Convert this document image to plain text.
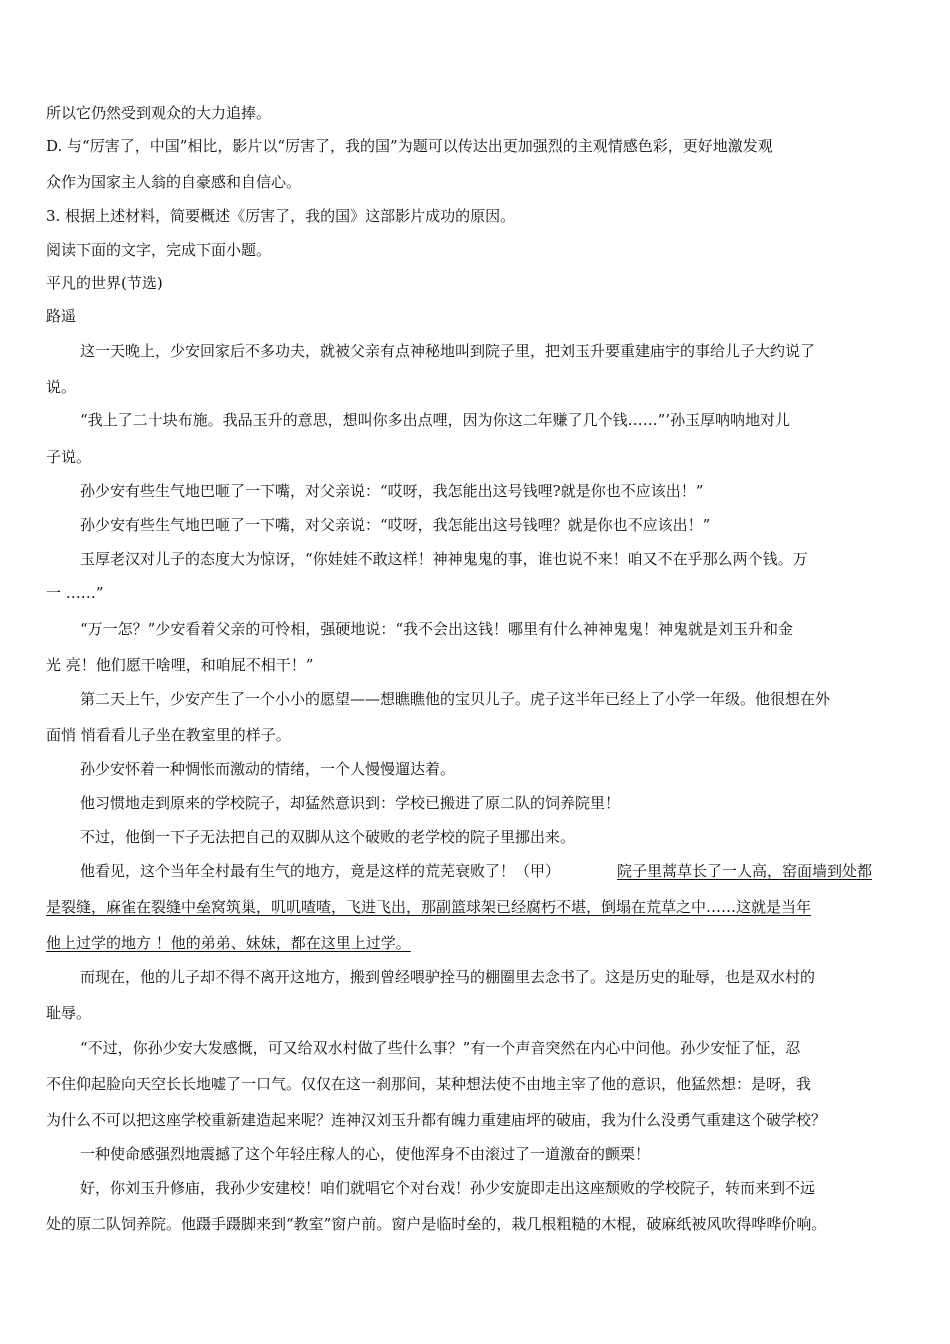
所以它仍然受到观众的大力追捧。
D. 与“厉害了，中国”相比，影片以“厉害了，我的国”为题可以传达出更加强烈的主观情感色彩，更好地激发观
众作为国家主人翁的自豪感和自信心。
3. 根据上述材料，简要概述《厉害了，我的国》这部影片成功的原因。
阅读下面的文字，完成下面小题。
平凡的世界(节选)
路遥
这一天晚上，少安回家后不多功夫，就被父亲有点神秘地叫到院子里，把刘玉升要重建庙宇的事给儿子大约说了
说。
“我上了二十块布施。我品玉升的意思，想叫你多出点哩，因为你这二年赚了几个钱……”’孙玉厚呐呐地对儿
子说。
孙少安有些生气地巴咂了一下嘴，对父亲说：“哎呀，我怎能出这号钱哩?就是你也不应该出！”
孙少安有些生气地巴咂了一下嘴，对父亲说：“哎呀，我怎能出这号钱哩？就是你也不应该出！”
玉厚老汉对儿子的态度大为惊讶，“你娃娃不敢这样！神神鬼鬼的事，谁也说不来！咱又不在乎那么两个钱。万
一 ……”
“万一怎？”少安看着父亲的可怜相，强硬地说：“我不会出这钱！哪里有什么神神鬼鬼！神鬼就是刘玉升和金
光 亮！他们愿干啥哩，和咱屁不相干！”
第二天上午，少安产生了一个小小的愿望——想瞧瞧他的宝贝儿子。虎子这半年已经上了小学一年级。他很想在外
面悄 悄看看儿子坐在教室里的样子。
孙少安怀着一种惆怅而激动的情绪，一个人慢慢遛达着。
他习惯地走到原来的学校院子，却猛然意识到：学校已搬进了原二队的饲养院里！
不过，他倒一下子无法把自己的双脚从这个破败的老学校的院子里挪出来。
他看见，这个当年全村最有生气的地方，竟是这样的荒芜衰败了！（甲）	院子里蒿草长了一人高，窑面墙到处都
是裂缝，麻雀在裂缝中垒窝筑巢，叽叽喳喳，飞进飞出，那副篮球架已经腐朽不堪，倒塌在荒草之中……这就是当年
他上过学的地方 ！他的弟弟、妹妹，都在这里上过学。
而现在，他的儿子却不得不离开这地方，搬到曾经喂驴拴马的棚圈里去念书了。这是历史的耻辱，也是双水村的
耻辱。
“不过，你孙少安大发感慨，可又给双水村做了些什么事？”有一个声音突然在内心中问他。孙少安怔了怔，忍
不住仰起脸向天空长长地嘘了一口气。仅仅在这一刹那间，某种想法使不由地主宰了他的意识，他猛然想：是呀，我
为什么不可以把这座学校重新建造起来呢？连神汉刘玉升都有魄力重建庙坪的破庙，我为什么没勇气重建这个破学校？
一种使命感强烈地震撼了这个年轻庄稼人的心，使他浑身不由滚过了一道激奋的颤栗！
好，你刘玉升修庙，我孙少安建校！咱们就唱它个对台戏！孙少安旋即走出这座颓败的学校院子，转而来到不远
处的原二队饲养院。他蹑手蹑脚来到“教室”窗户前。窗户是临时垒的，栽几根粗糙的木棍，破麻纸被风吹得哗哗价响。
